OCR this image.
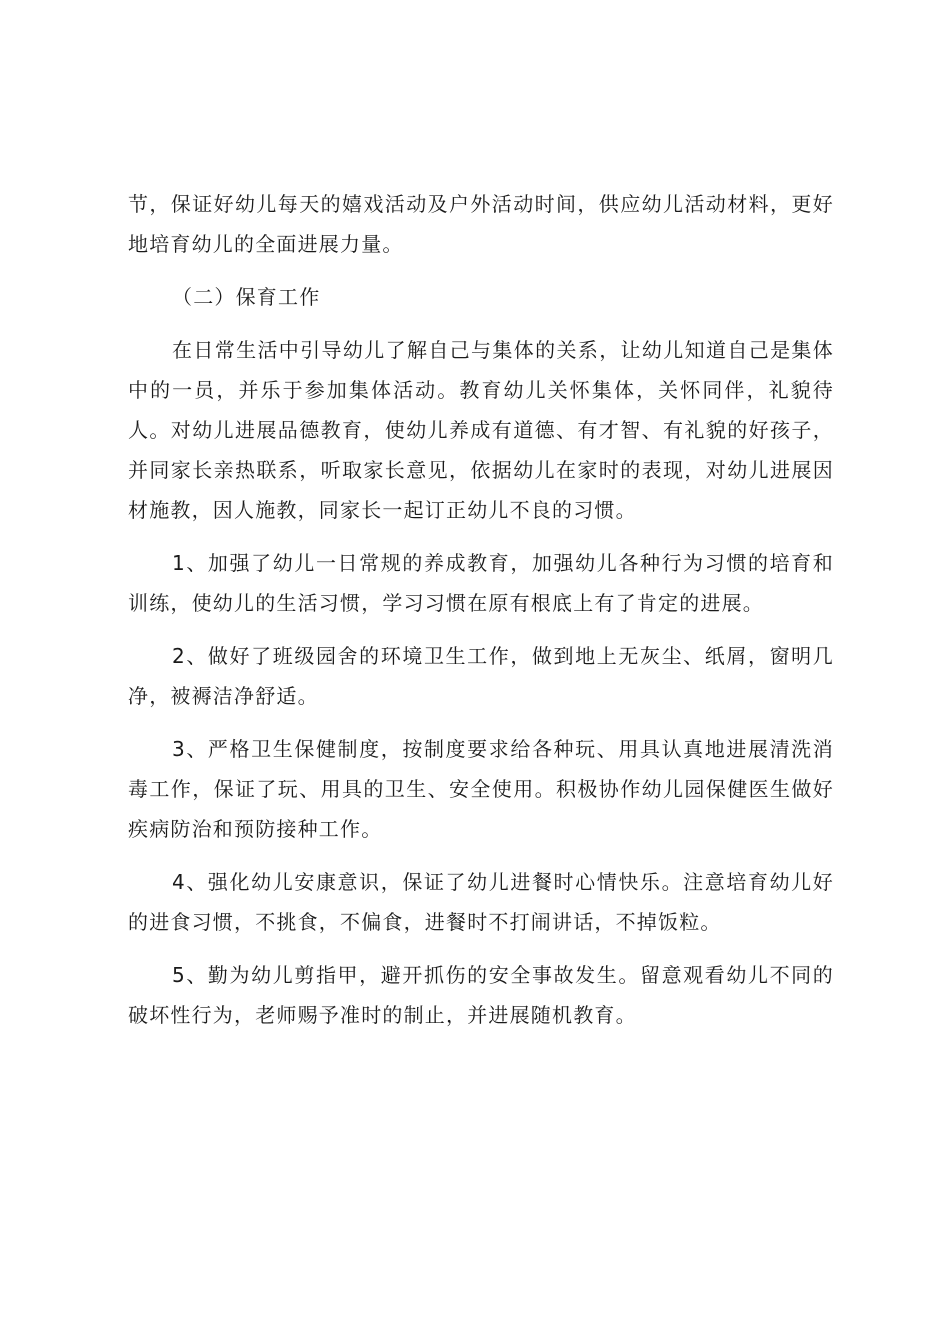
节，保证好幼儿每天的嬉戏活动及户外活动时间，供应幼儿活动材料，更好地培育幼儿的全面进展力量。

（二）保育工作

在日常生活中引导幼儿了解自己与集体的关系，让幼儿知道自己是集体中的一员，并乐于参加集体活动。教育幼儿关怀集体，关怀同伴，礼貌待人。对幼儿进展品德教育，使幼儿养成有道德、有才智、有礼貌的好孩子，并同家长亲热联系，听取家长意见，依据幼儿在家时的表现，对幼儿进展因材施教，因人施教，同家长一起订正幼儿不良的习惯。

1、加强了幼儿一日常规的养成教育，加强幼儿各种行为习惯的培育和训练，使幼儿的生活习惯，学习习惯在原有根底上有了肯定的进展。

2、做好了班级园舍的环境卫生工作，做到地上无灰尘、纸屑，窗明几净，被褥洁净舒适。

3、严格卫生保健制度，按制度要求给各种玩、用具认真地进展清洗消毒工作，保证了玩、用具的卫生、安全使用。积极协作幼儿园保健医生做好疾病防治和预防接种工作。

4、强化幼儿安康意识，保证了幼儿进餐时心情快乐。注意培育幼儿好的进食习惯，不挑食，不偏食，进餐时不打闹讲话，不掉饭粒。

5、勤为幼儿剪指甲，避开抓伤的安全事故发生。留意观看幼儿不同的破坏性行为，老师赐予准时的制止，并进展随机教育。
